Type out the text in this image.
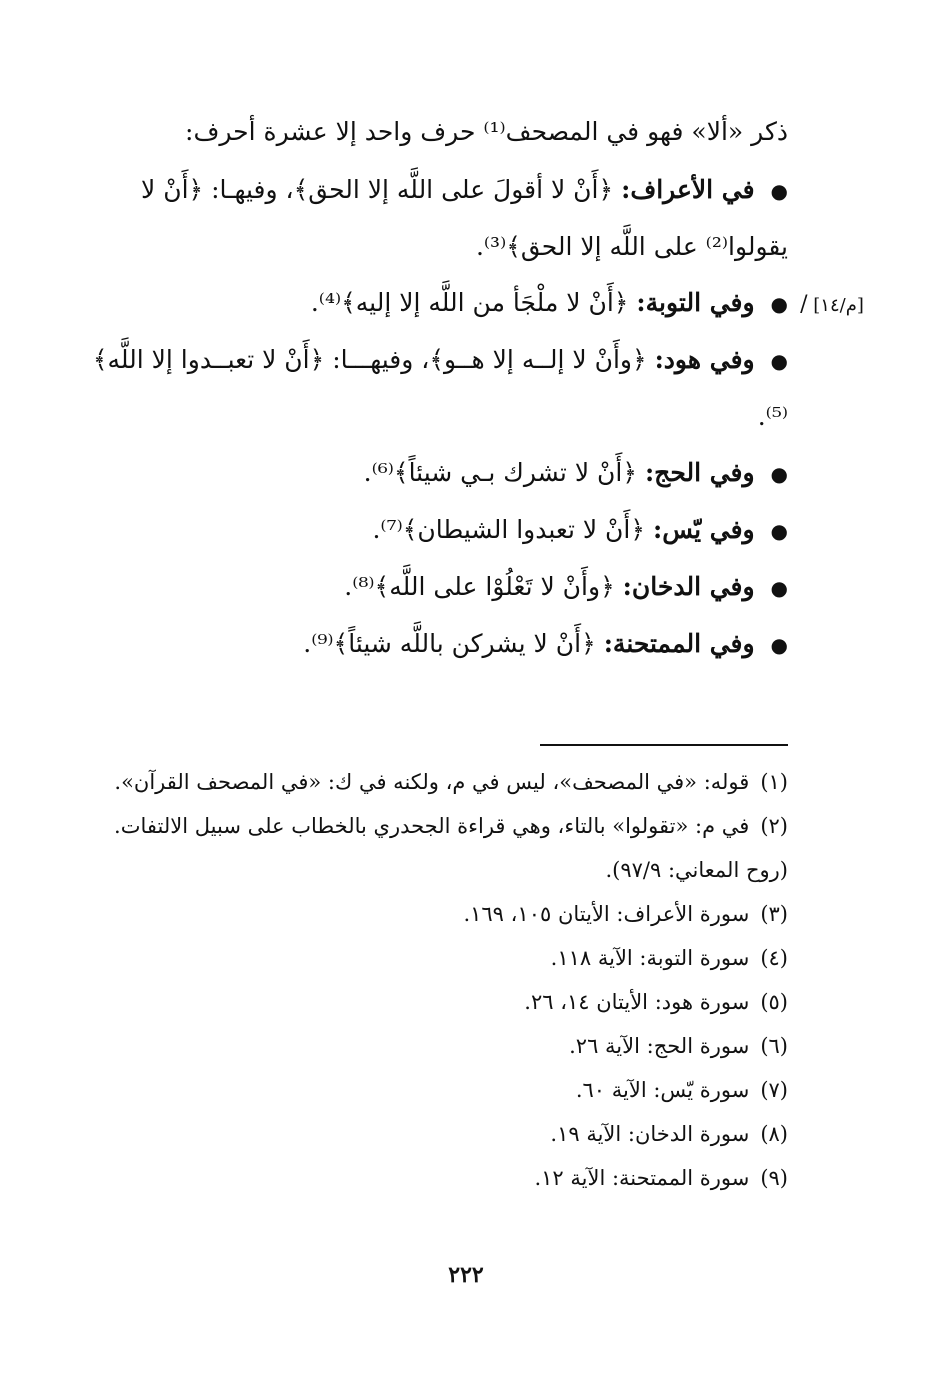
ذكر «ألا» فهو في المصحف⁽¹⁾ حرف واحد إلا عشرة أحرف:

● في الأعراف: ﴿أَنْ لا أقولَ على اللَّه إلا الحق﴾، وفيهـا: ﴿أَنْ لا يقولوا⁽²⁾ على اللَّه إلا الحق﴾⁽³⁾.

● وفي التوبة: ﴿أَنْ لا ملْجَأ من اللَّه إلا إليه﴾⁽⁴⁾.

● وفي هود: ﴿وأَنْ لا إلــه إلا هــو﴾، وفيهـــا: ﴿أَنْ لا تعبــدوا إلا اللَّه﴾⁽⁵⁾.

● وفي الحج: ﴿أَنْ لا تشرك بـي شيئاً﴾⁽⁶⁾.

● وفي يّس: ﴿أَنْ لا تعبدوا الشيطان﴾⁽⁷⁾.

● وفي الدخان: ﴿وأَنْ لا تَعْلُوْا على اللَّه﴾⁽⁸⁾.

● وفي الممتحنة: ﴿أَنْ لا يشركن باللَّه شيئاً﴾⁽⁹⁾.

[م/١٤] /

(١) قوله: «في المصحف»، ليس في م، ولكنه في ك: «في المصحف القرآن».

(٢) في م: «تقولوا» بالتاء، وهي قراءة الجحدري بالخطاب على سبيل الالتفات.

(روح المعاني: ٩٧/٩).

(٣) سورة الأعراف: الأيتان ١٠٥، ١٦٩.

(٤) سورة التوبة: الآية ١١٨.

(٥) سورة هود: الأيتان ١٤، ٢٦.

(٦) سورة الحج: الآية ٢٦.

(٧) سورة يّس: الآية ٦٠.

(٨) سورة الدخان: الآية ١٩.

(٩) سورة الممتحنة: الآية ١٢.

٢٢٢
